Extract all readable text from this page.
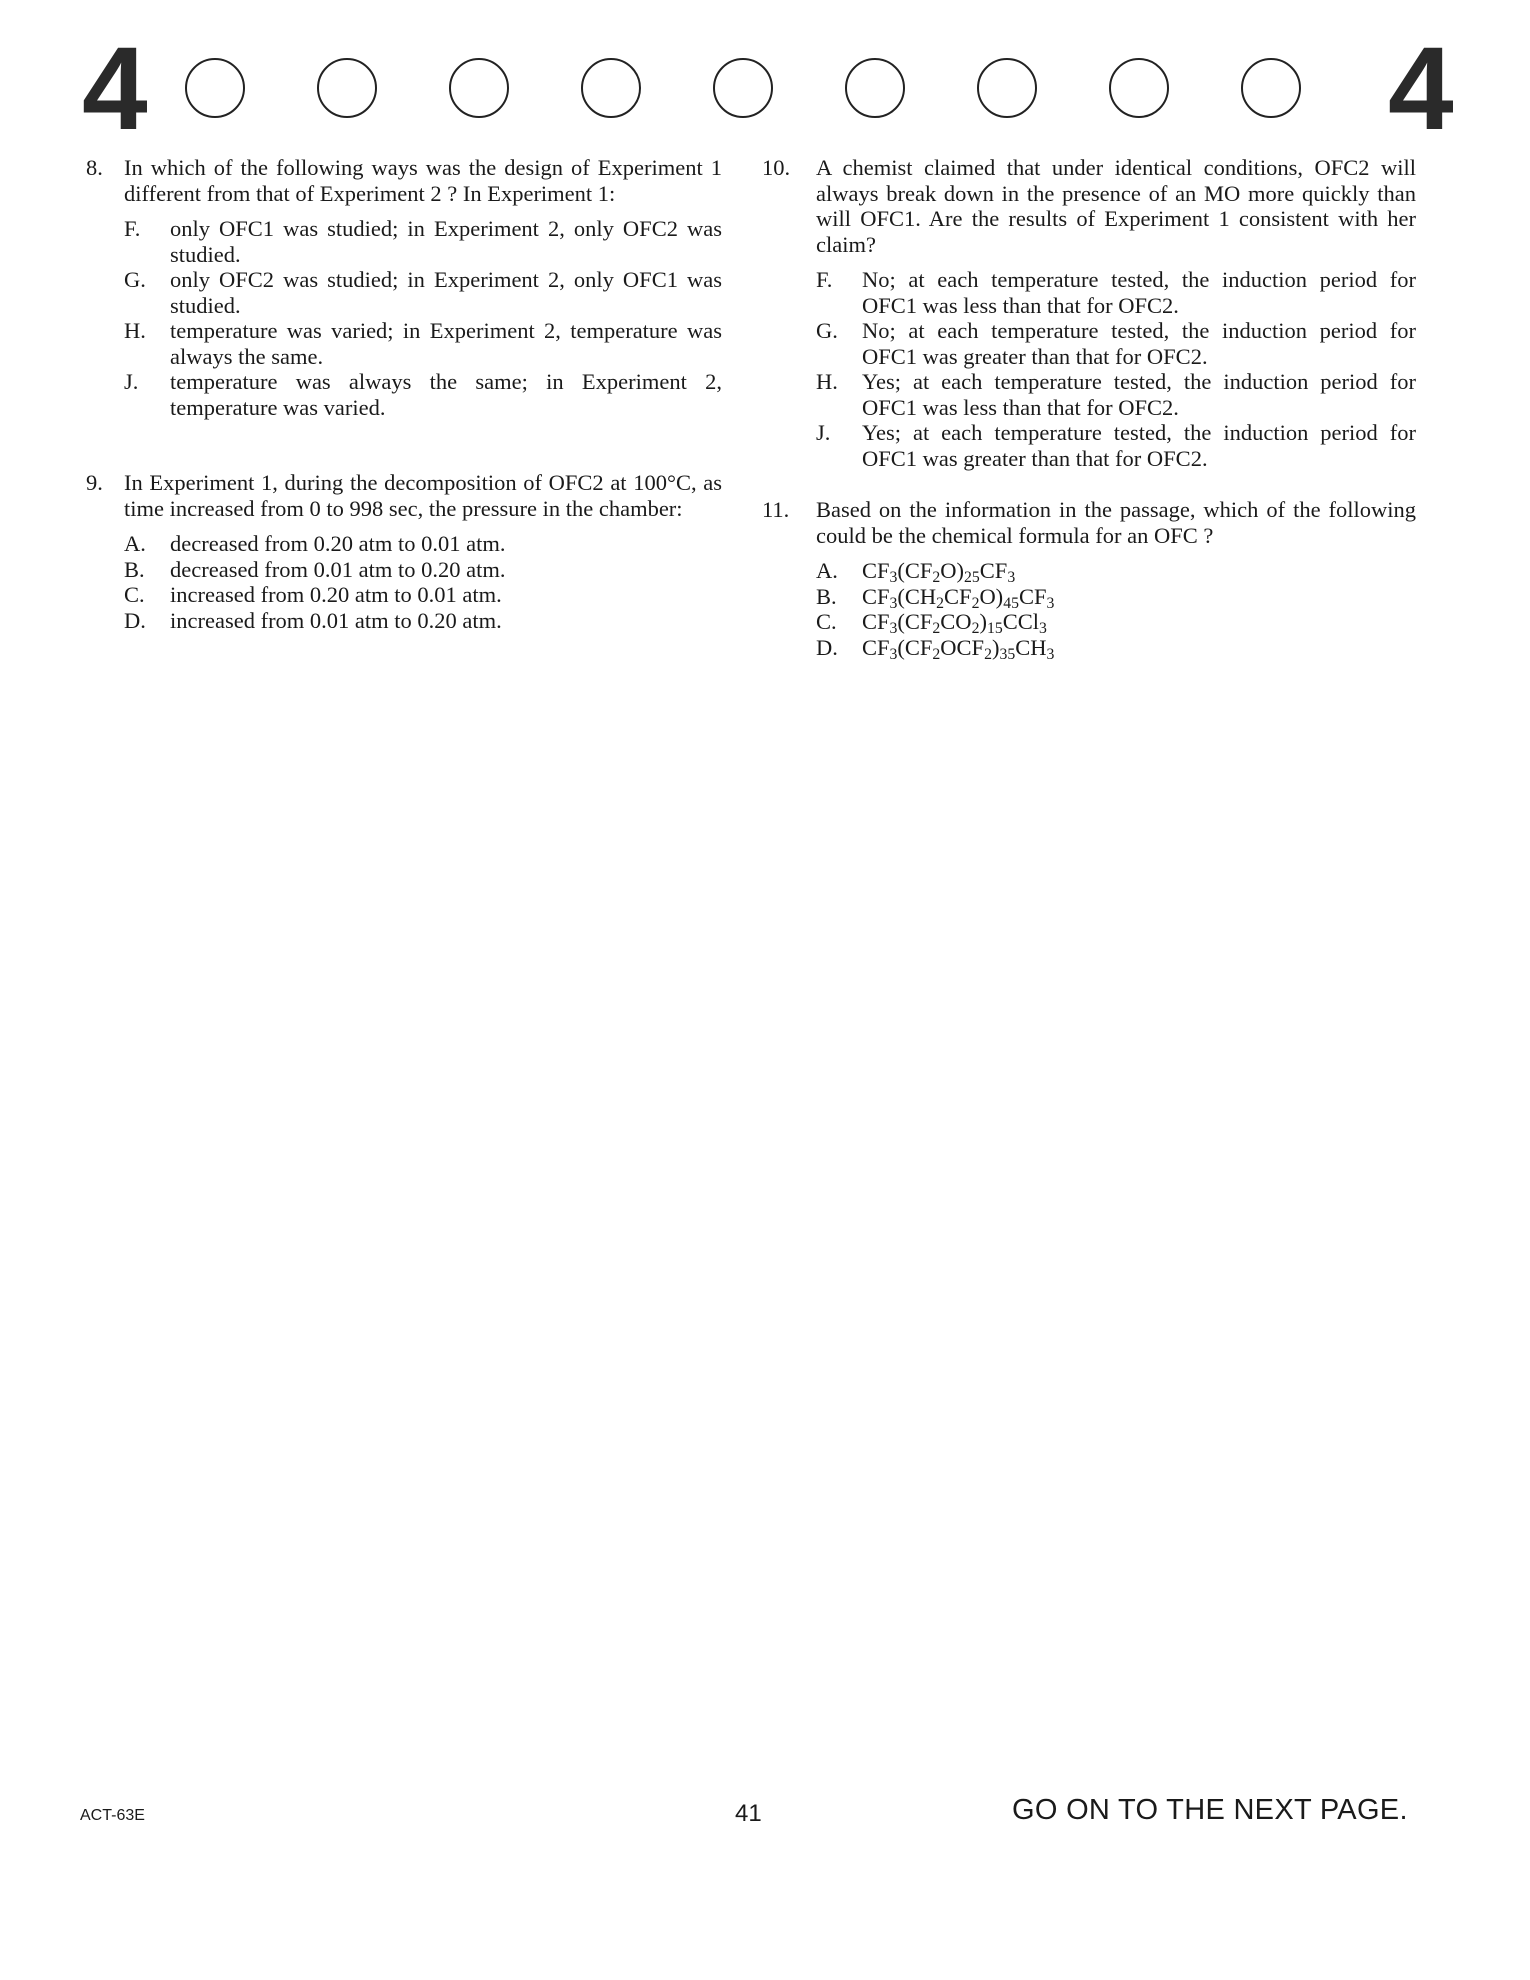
4	4
8. In which of the following ways was the design of Experiment 1 different from that of Experiment 2 ? In Experiment 1:
F. only OFC1 was studied; in Experiment 2, only OFC2 was studied.
G. only OFC2 was studied; in Experiment 2, only OFC1 was studied.
H. temperature was varied; in Experiment 2, temperature was always the same.
J. temperature was always the same; in Experiment 2, temperature was varied.
9. In Experiment 1, during the decomposition of OFC2 at 100°C, as time increased from 0 to 998 sec, the pressure in the chamber:
A. decreased from 0.20 atm to 0.01 atm.
B. decreased from 0.01 atm to 0.20 atm.
C. increased from 0.20 atm to 0.01 atm.
D. increased from 0.01 atm to 0.20 atm.
10. A chemist claimed that under identical conditions, OFC2 will always break down in the presence of an MO more quickly than will OFC1. Are the results of Experiment 1 consistent with her claim?
F. No; at each temperature tested, the induction period for OFC1 was less than that for OFC2.
G. No; at each temperature tested, the induction period for OFC1 was greater than that for OFC2.
H. Yes; at each temperature tested, the induction period for OFC1 was less than that for OFC2.
J. Yes; at each temperature tested, the induction period for OFC1 was greater than that for OFC2.
11. Based on the information in the passage, which of the following could be the chemical formula for an OFC ?
A. $CF_3(CF_2O)_{25}CF_3$
B. $CF_3(CH_2CF_2O)_{45}CF_3$
C. $CF_3(CF_2CO_2)_{15}CCl_3$
D. $CF_3(CF_2OCF_2)_{35}CH_3$
ACT-63E	41	GO ON TO THE NEXT PAGE.
